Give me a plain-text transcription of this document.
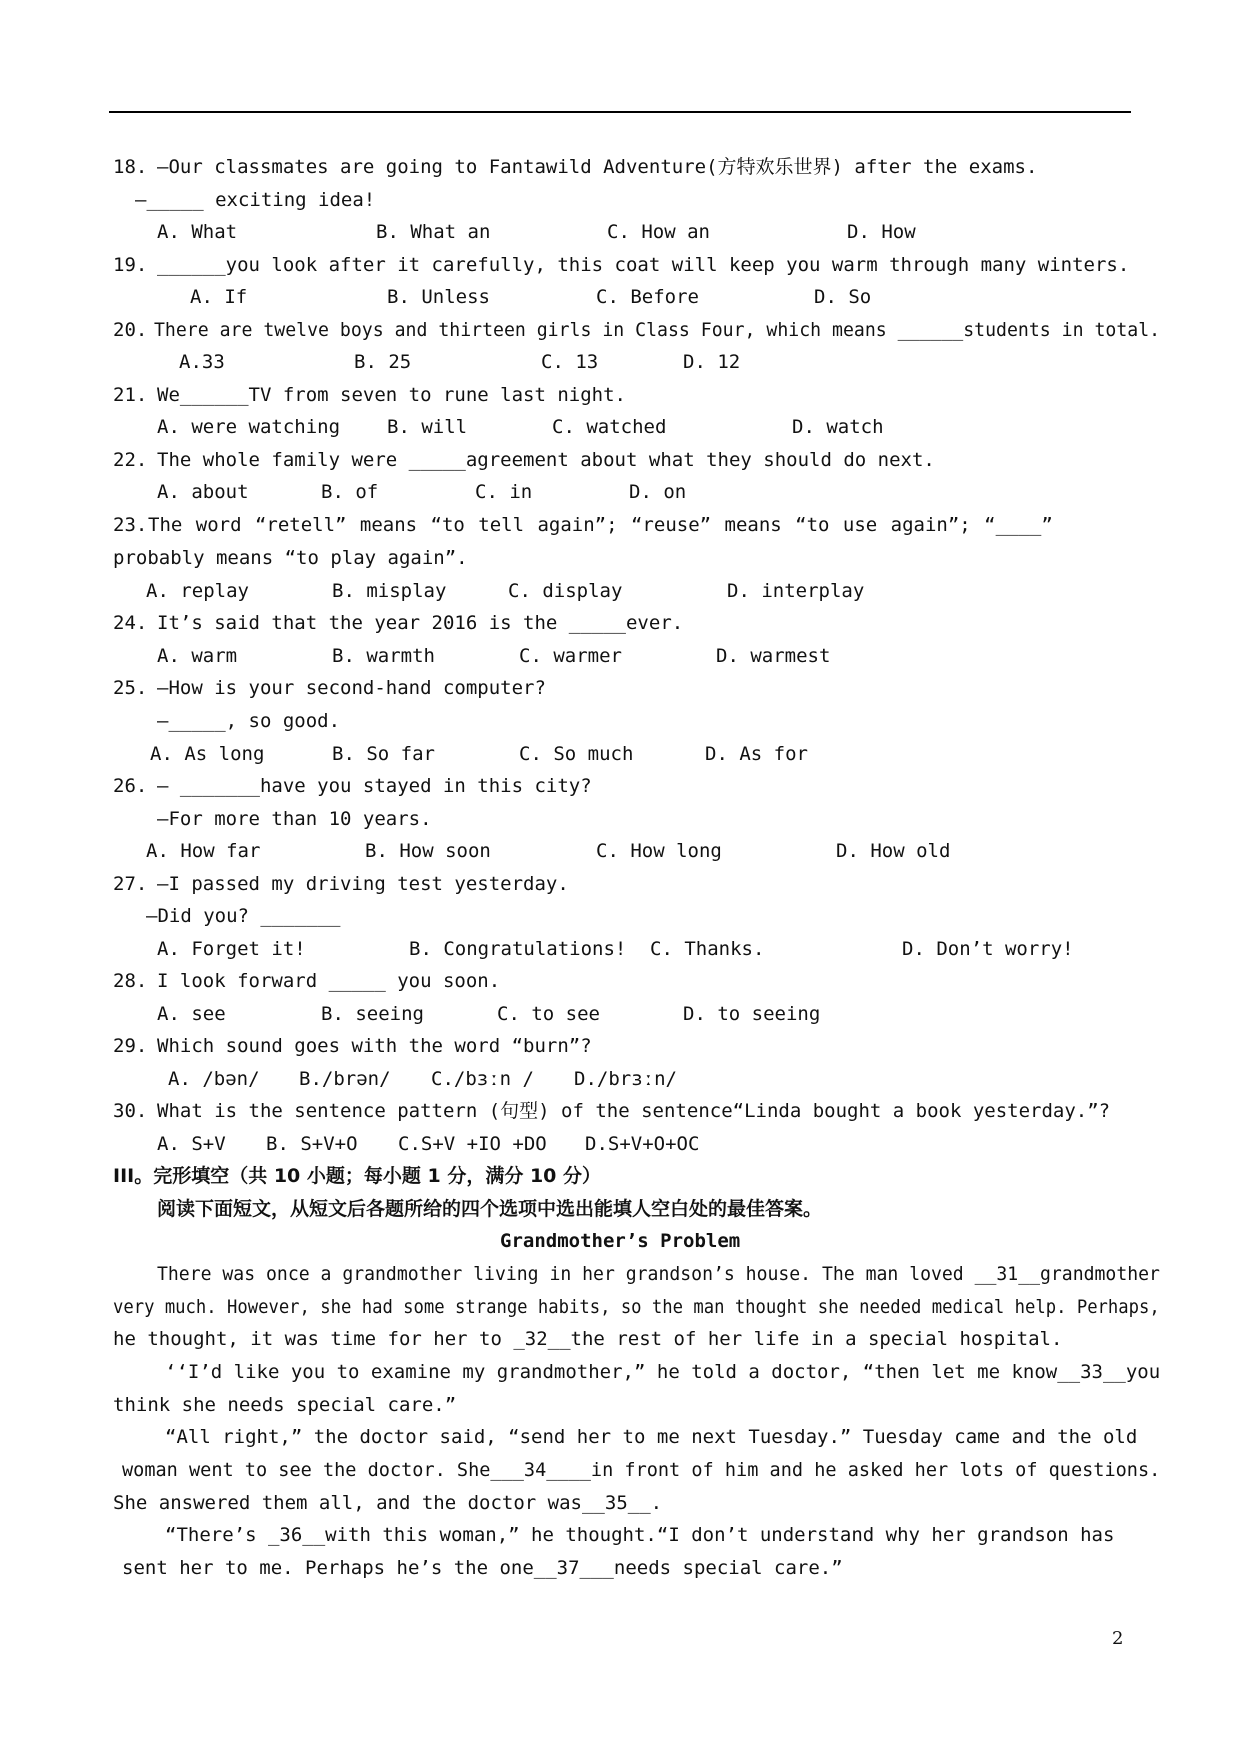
18. —Our classmates are going to Fantawild Adventure(方特欢乐世界) after the exams.
—_____ exciting idea!
A. What	B. What an	C. How an	D. How
19. ______you look after it carefully, this coat will keep you warm through many winters.
A. If	B. Unless	C. Before	D. So
20. There are twelve boys and thirteen girls in Class Four, which means ______students in total.
A.33	B. 25	C. 13	D. 12
21. We______TV from seven to rune last night.
A. were watching B. will	C. watched	D. watch
22. The whole family were _____agreement about what they should do next.
A. about	B. of	C. in	D. on
23. The word “retell” means “to tell again”; “reuse” means “to use again”; “____”
probably means “to play again”.
A. replay	B. misplay	C. display	D. interplay
24. It’s said that the year 2016 is the _____ever.
A. warm	B. warmth	C. warmer	D. warmest
25. —How is your second-hand computer?
—_____, so good.
A. As long	B. So far	C. So much	D. As for
26. — _______have you stayed in this city?
—For more than 10 years.
A. How far	B. How soon	C. How long	D. How old
27. —I passed my driving test yesterday.
—Did you? _______
A. Forget it!	B. Congratulations! C. Thanks.	D. Don’t worry!
28. I look forward _____ you soon.
A. see	B. seeing	C. to see	D. to seeing
29. Which sound goes with the word “burn”?
A. /bən/ B./brən/ C./bɜːn / D./brɜːn/
30. What is the sentence pattern (句型) of the sentence“Linda bought a book yesterday.”?
A. S+V B. S+V+O C.S+V +IO +DO D.S+V+O+OC
III。完形填空（共 10 小题；每小题 1 分，满分 10 分）
阅读下面短文，从短文后各题所给的四个选项中选出能填人空白处的最佳答案。
Grandmother’s Problem
There was once a grandmother living in her grandson’s house. The man loved __31__grandmother
very much. However, she had some strange habits, so the man thought she needed medical help. Perhaps,
he thought, it was time for her to _32__the rest of her life in a special hospital.
‘‘I’d like you to examine my grandmother,” he told a doctor, “then let me know__33__you
think she needs special care.”
“All right,” the doctor said, “send her to me next Tuesday.” Tuesday came and the old
woman went to see the doctor. She___34____in front of him and he asked her lots of questions.
She answered them all, and the doctor was__35__.
“There’s _36__with this woman,” he thought.“I don’t understand why her grandson has
sent her to me. Perhaps he’s the one__37___needs special care.”
2
